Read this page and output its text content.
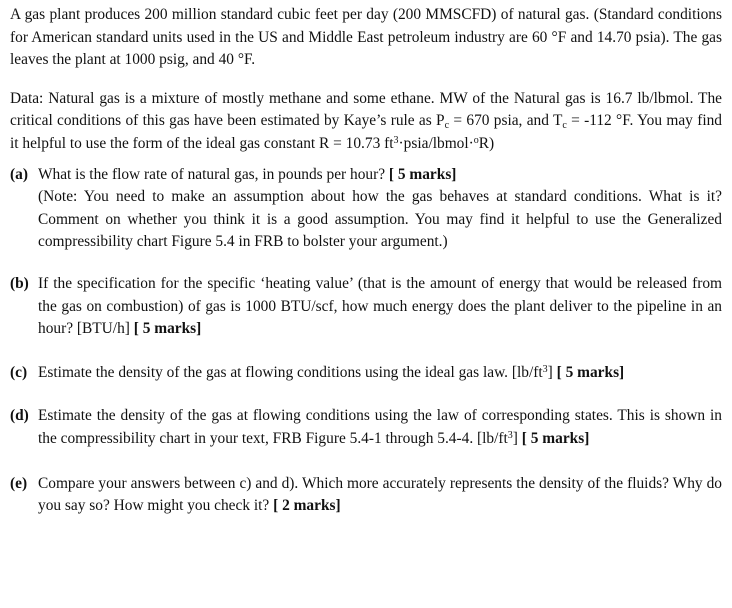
A gas plant produces 200 million standard cubic feet per day (200 MMSCFD) of natural gas. (Standard conditions for American standard units used in the US and Middle East petroleum industry are 60 °F and 14.70 psia). The gas leaves the plant at 1000 psig, and 40 °F.

Data: Natural gas is a mixture of mostly methane and some ethane. MW of the Natural gas is 16.7 lb/lbmol. The critical conditions of this gas have been estimated by Kaye’s rule as $P_c = 670$ psia, and $T_c = -112$ °F. You may find it helpful to use the form of the ideal gas constant R = 10.73 $ft^3\cdot psia/lbmol\cdot^oR$)

(a) What is the flow rate of natural gas, in pounds per hour? [ 5 marks]
(Note: You need to make an assumption about how the gas behaves at standard conditions. What is it? Comment on whether you think it is a good assumption. You may find it helpful to use the Generalized compressibility chart Figure 5.4 in FRB to bolster your argument.)
(b) If the specification for the specific ‘heating value’ (that is the amount of energy that would be released from the gas on combustion) of gas is 1000 BTU/scf, how much energy does the plant deliver to the pipeline in an hour? [BTU/h] [ 5 marks]
(c) Estimate the density of the gas at flowing conditions using the ideal gas law. $[lb/ft^3]$ [ 5 marks]
(d) Estimate the density of the gas at flowing conditions using the law of corresponding states. This is shown in the compressibility chart in your text, FRB Figure 5.4-1 through 5.4-4. $[lb/ft^3]$ [ 5 marks]
(e) Compare your answers between c) and d). Which more accurately represents the density of the fluids? Why do you say so? How might you check it? [ 2 marks]
